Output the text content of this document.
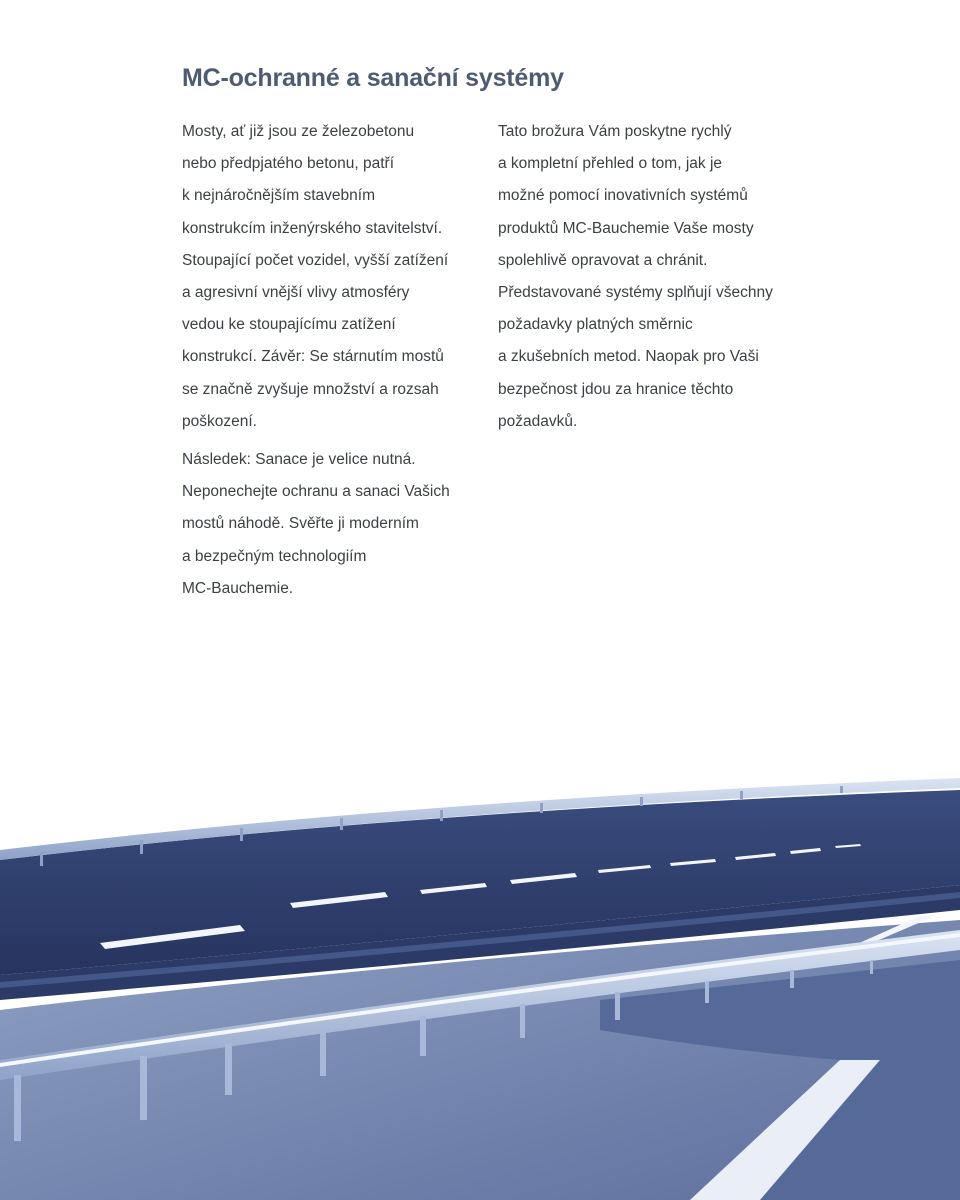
MC-ochranné a sanační systémy

Mosty, ať již jsou ze železobetonu

nebo předpjatého betonu, patří

k nejnáročnějším stavebním

konstrukcím inženýrského stavitelství.

Stoupající počet vozidel, vyšší zatížení

a agresivní vnější vlivy atmosféry

vedou ke stoupajícímu zatížení

konstrukcí. Závěr: Se stárnutím mostů

se značně zvyšuje množství a rozsah

poškození.

Následek: Sanace je velice nutná.

Neponechejte ochranu a sanaci Vašich

mostů náhodě. Svěřte ji moderním

a bezpečným technologiím

MC-Bauchemie.

Tato brožura Vám poskytne rychlý

a kompletní přehled o tom, jak je

možné pomocí inovativních systémů

produktů MC-Bauchemie Vaše mosty

spolehlivě opravovat a chránit.

Představované systémy splňují všechny

požadavky platných směrnic

a zkušebních metod. Naopak pro Vaši

bezpečnost jdou za hranice těchto

požadavků.
